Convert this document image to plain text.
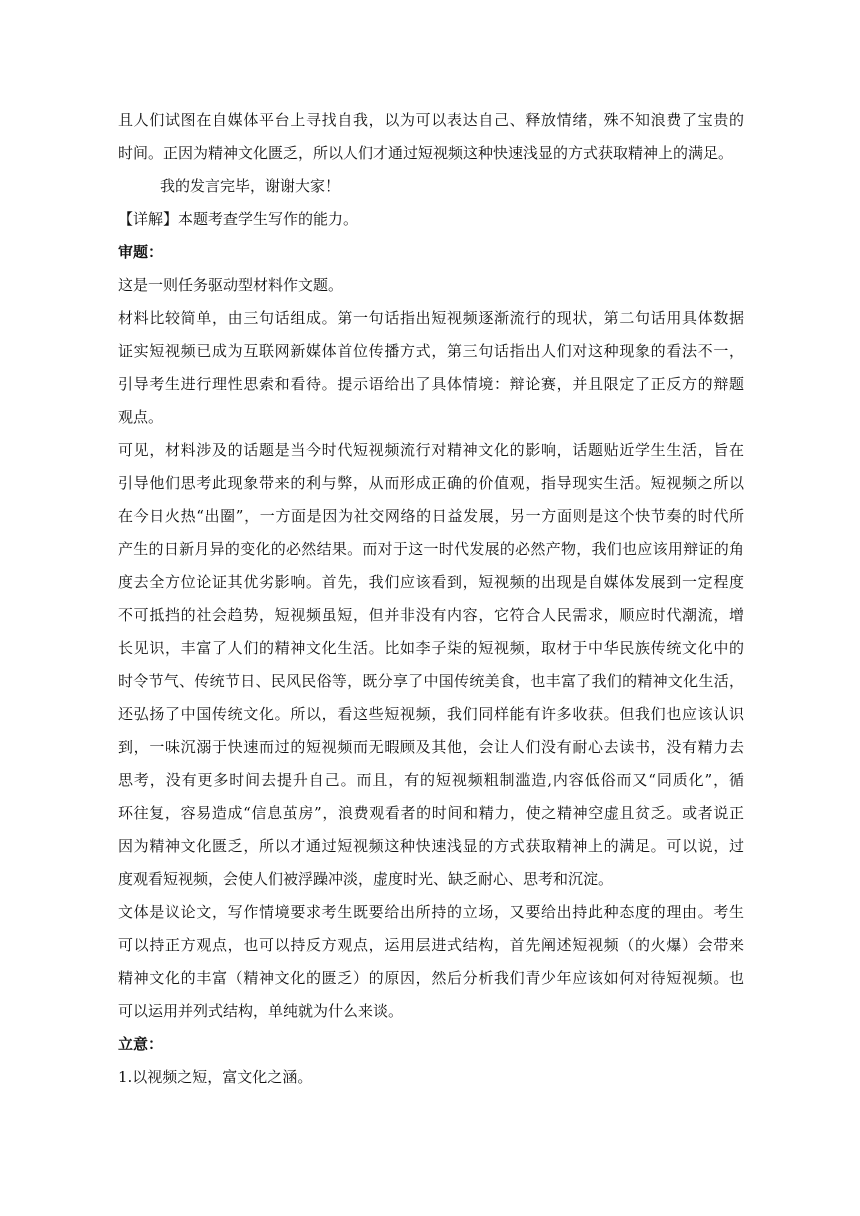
且人们试图在自媒体平台上寻找自我，以为可以表达自己、释放情绪，殊不知浪费了宝贵的
时间。正因为精神文化匮乏，所以人们才通过短视频这种快速浅显的方式获取精神上的满足。
我的发言完毕，谢谢大家！
【详解】本题考查学生写作的能力。
审题：
这是一则任务驱动型材料作文题。
材料比较简单，由三句话组成。第一句话指出短视频逐渐流行的现状，第二句话用具体数据
证实短视频已成为互联网新媒体首位传播方式，第三句话指出人们对这种现象的看法不一，
引导考生进行理性思索和看待。提示语给出了具体情境：辩论赛，并且限定了正反方的辩题
观点。
可见，材料涉及的话题是当今时代短视频流行对精神文化的影响，话题贴近学生生活，旨在
引导他们思考此现象带来的利与弊，从而形成正确的价值观，指导现实生活。短视频之所以
在今日火热“出圈”，一方面是因为社交网络的日益发展，另一方面则是这个快节奏的时代所
产生的日新月异的变化的必然结果。而对于这一时代发展的必然产物，我们也应该用辩证的角
度去全方位论证其优劣影响。首先，我们应该看到，短视频的出现是自媒体发展到一定程度
不可抵挡的社会趋势，短视频虽短，但并非没有内容，它符合人民需求，顺应时代潮流，增
长见识，丰富了人们的精神文化生活。比如李子柒的短视频，取材于中华民族传统文化中的
时令节气、传统节日、民风民俗等，既分享了中国传统美食，也丰富了我们的精神文化生活，
还弘扬了中国传统文化。所以，看这些短视频，我们同样能有许多收获。但我们也应该认识
到，一味沉溺于快速而过的短视频而无暇顾及其他，会让人们没有耐心去读书，没有精力去
思考，没有更多时间去提升自己。而且，有的短视频粗制滥造,内容低俗而又“同质化”，循
环往复，容易造成“信息茧房”，浪费观看者的时间和精力，使之精神空虚且贫乏。或者说正
因为精神文化匮乏，所以才通过短视频这种快速浅显的方式获取精神上的满足。可以说，过
度观看短视频，会使人们被浮躁冲淡，虚度时光、缺乏耐心、思考和沉淀。
文体是议论文，写作情境要求考生既要给出所持的立场，又要给出持此种态度的理由。考生
可以持正方观点，也可以持反方观点，运用层进式结构，首先阐述短视频（的火爆）会带来
精神文化的丰富（精神文化的匮乏）的原因，然后分析我们青少年应该如何对待短视频。也
可以运用并列式结构，单纯就为什么来谈。
立意：
1.以视频之短，富文化之涵。
